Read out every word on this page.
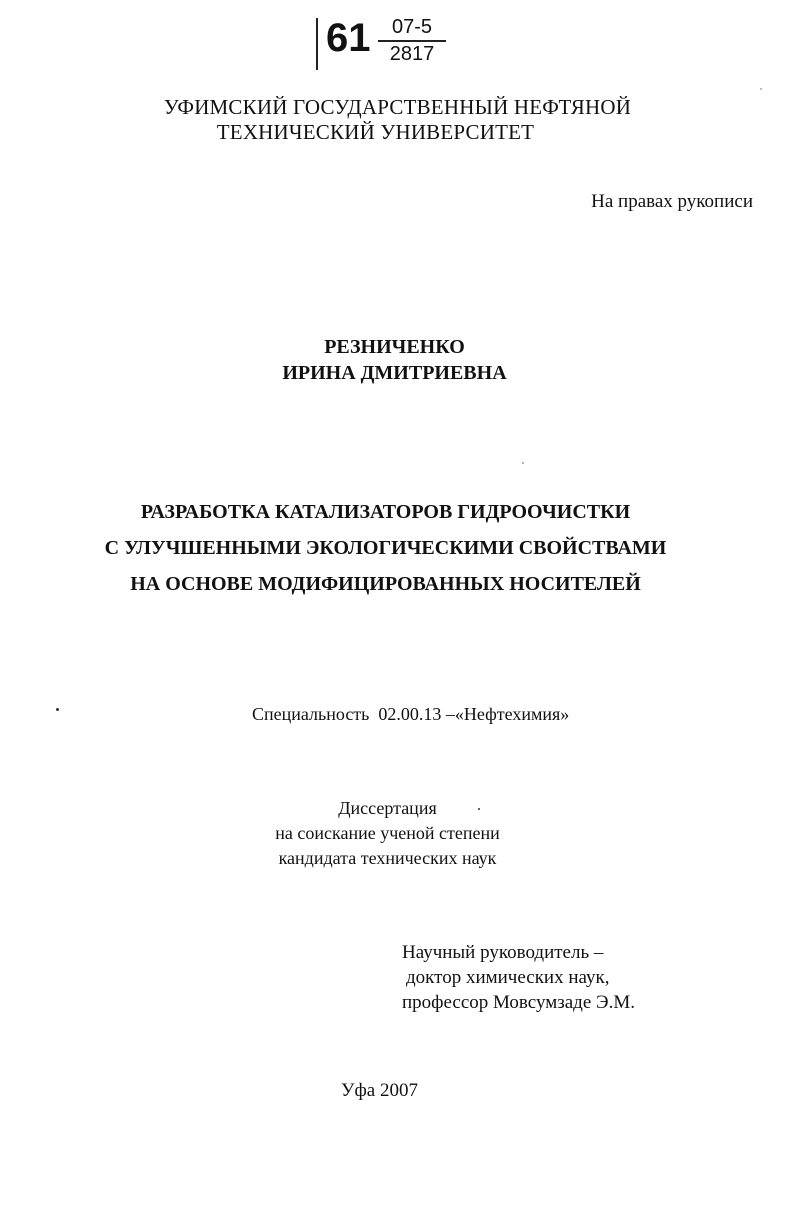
$61 \frac{07-5}{2817}$
УФИМСКИЙ ГОСУДАРСТВЕННЫЙ НЕФТЯНОЙ
ТЕХНИЧЕСКИЙ УНИВЕРСИТЕТ
На правах рукописи
РЕЗНИЧЕНКО
ИРИНА ДМИТРИЕВНА
РАЗРАБОТКА КАТАЛИЗАТОРОВ ГИДРООЧИСТКИ
С УЛУЧШЕННЫМИ ЭКОЛОГИЧЕСКИМИ СВОЙСТВАМИ
НА ОСНОВЕ МОДИФИЦИРОВАННЫХ НОСИТЕЛЕЙ
Специальность  02.00.13 –«Нефтехимия»
Диссертация
на соискание ученой степени
кандидата технических наук
Научный руководитель –
доктор химических наук,
профессор Мовсумзаде Э.М.
Уфа 2007
